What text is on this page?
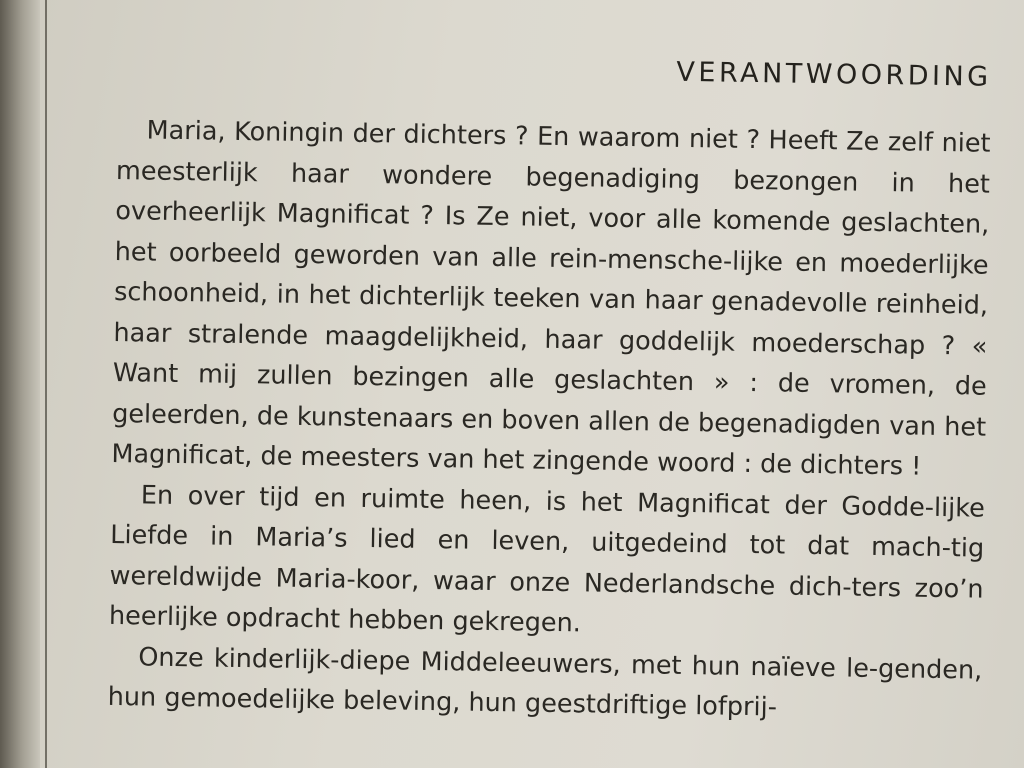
VERANTWOORDING

Maria, Koningin der dichters ? En waarom niet ? Heeft Ze zelf niet meesterlijk haar wondere begenadiging bezongen in het overheerlijk Magnificat ? Is Ze niet, voor alle komende geslachten, het oorbeeld geworden van alle rein-mensche-lijke en moederlijke schoonheid, in het dichterlijk teeken van haar genadevolle reinheid, haar stralende maagdelijkheid, haar goddelijk moederschap ? « Want mij zullen bezingen alle geslachten » : de vromen, de geleerden, de kunstenaars en boven allen de begenadigden van het Magnificat, de meesters van het zingende woord : de dichters !

En over tijd en ruimte heen, is het Magnificat der Godde-lijke Liefde in Maria’s lied en leven, uitgedeind tot dat mach-tig wereldwijde Maria-koor, waar onze Nederlandsche dich-ters zoo’n heerlijke opdracht hebben gekregen.

Onze kinderlijk-diepe Middeleeuwers, met hun naïeve le-genden, hun gemoedelijke beleving, hun geestdriftige lofprij-
